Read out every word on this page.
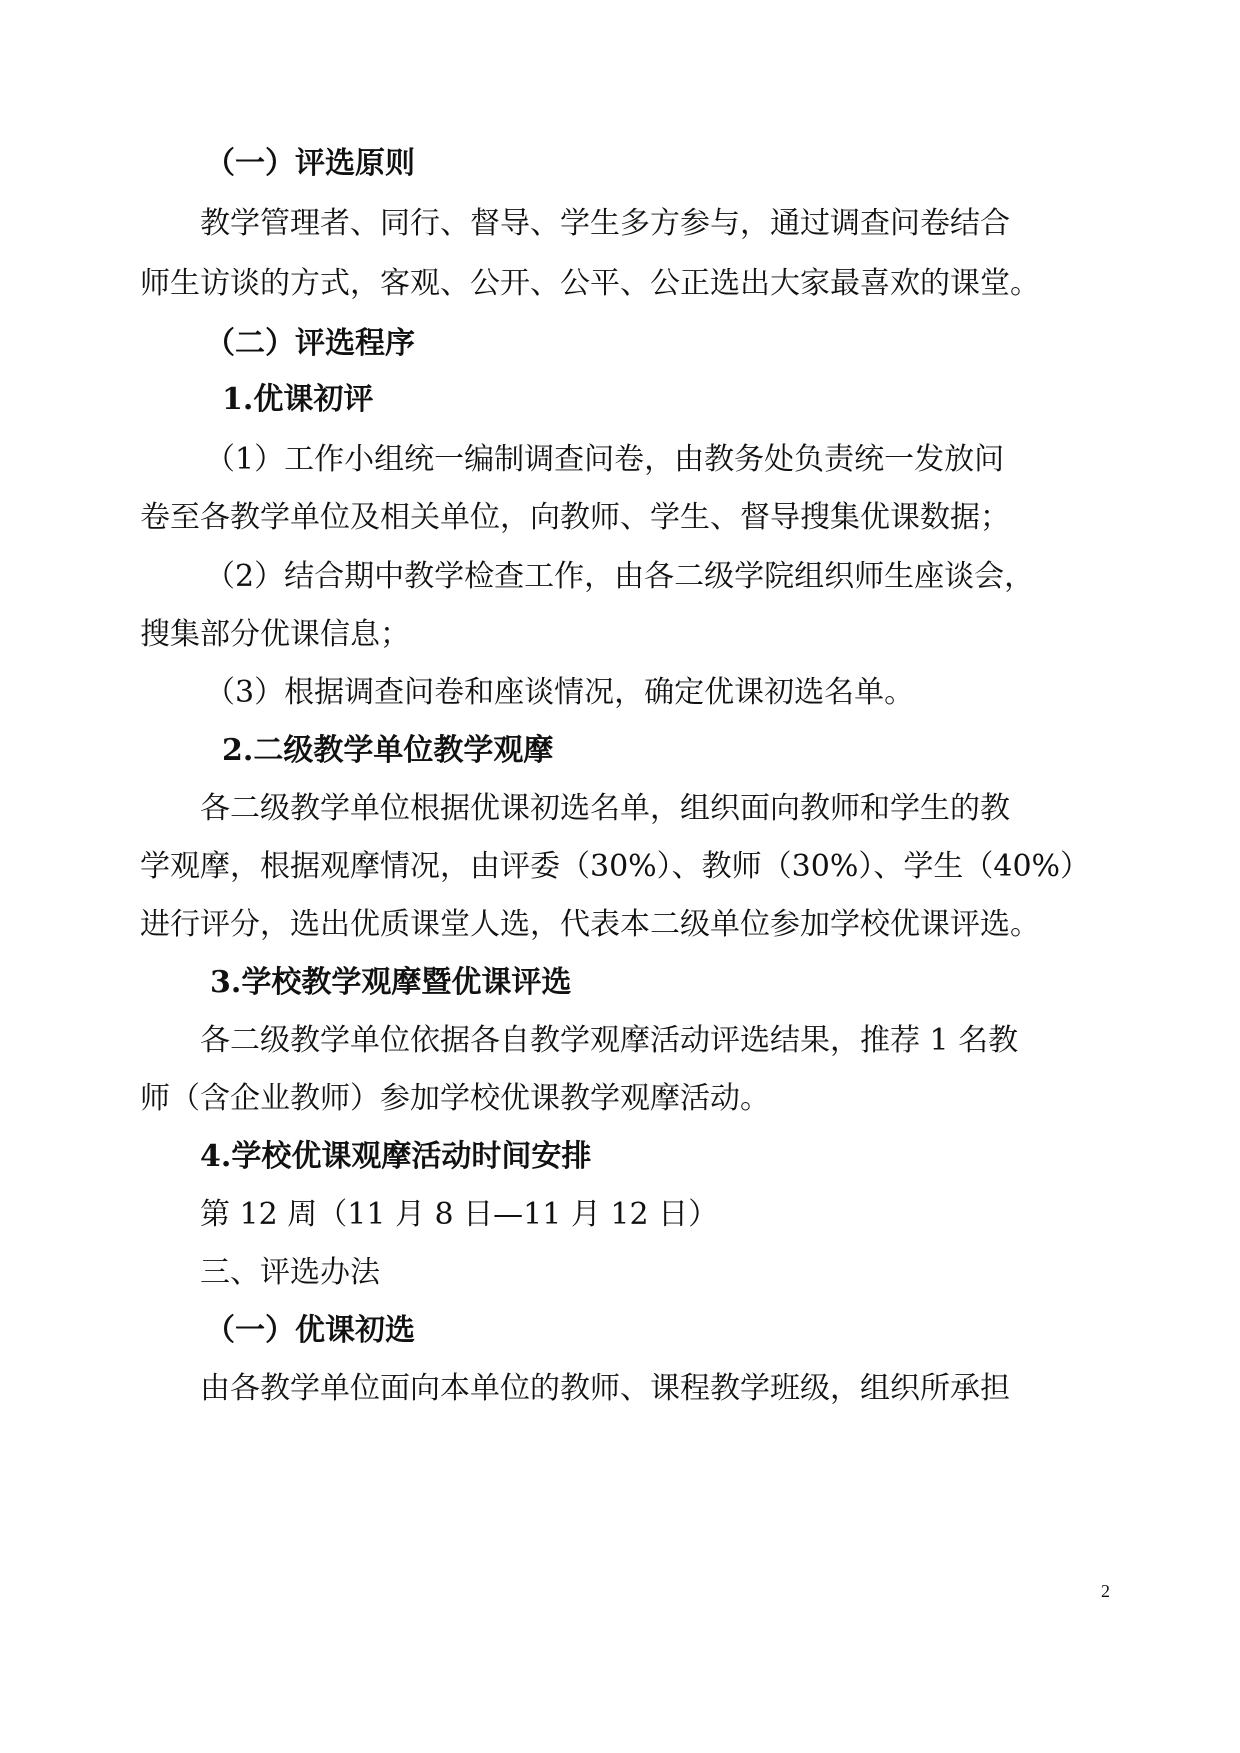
（一）评选原则

教学管理者、同行、督导、学生多方参与，通过调查问卷结合

师生访谈的方式，客观、公开、公平、公正选出大家最喜欢的课堂。

（二）评选程序

1.优课初评

（1）工作小组统一编制调查问卷，由教务处负责统一发放问

卷至各教学单位及相关单位，向教师、学生、督导搜集优课数据；

（2）结合期中教学检查工作，由各二级学院组织师生座谈会，

搜集部分优课信息；

（3）根据调查问卷和座谈情况，确定优课初选名单。

2.二级教学单位教学观摩

各二级教学单位根据优课初选名单，组织面向教师和学生的教

学观摩，根据观摩情况，由评委（30%）、教师（30%）、学生（40%）

进行评分，选出优质课堂人选，代表本二级单位参加学校优课评选。

3.学校教学观摩暨优课评选

各二级教学单位依据各自教学观摩活动评选结果，推荐 1 名教

师（含企业教师）参加学校优课教学观摩活动。

4.学校优课观摩活动时间安排

第 12 周（11 月 8 日—11 月 12 日）

三、评选办法

（一）优课初选

由各教学单位面向本单位的教师、课程教学班级，组织所承担

2
